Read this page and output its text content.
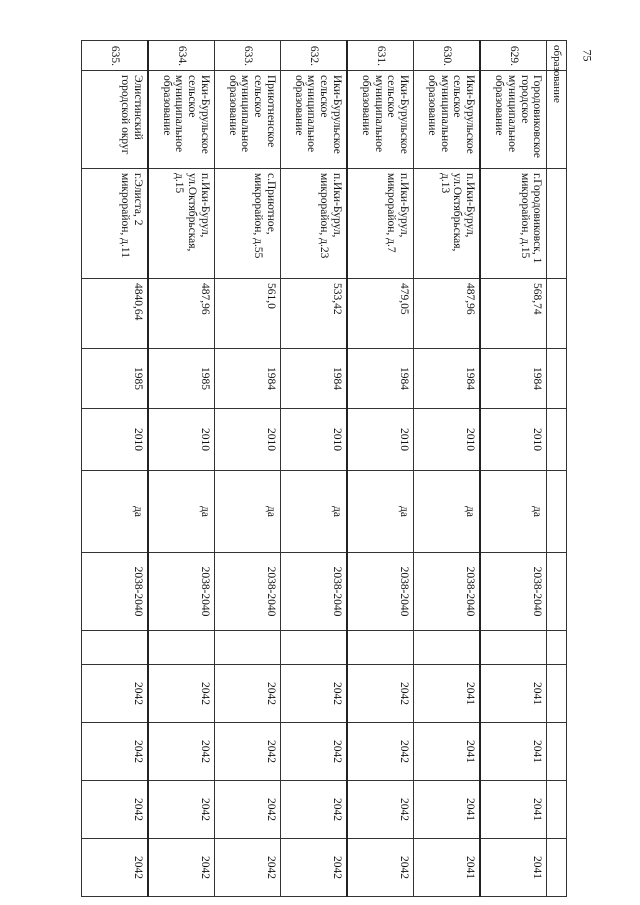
75
образование												
629.	Городовиковское городское муниципальное образование	г.Городовиковск, 1 микрорайон, д.15	568,74	1984	2010	да	2038-2040		2041	2041	2041	2041
630.	Ики-Бурульское сельское муниципальное образование	п.Ики-Бурул, ул.Октябрьская, д.13	487,96	1984	2010	да	2038-2040		2041	2041	2041	2041
631.	Ики-Бурульское сельское муниципальное образование	п.Ики-Бурул, микрорайон, д.7	479,05	1984	2010	да	2038-2040		2042	2042	2042	2042
632.	Ики-Бурульское сельское муниципальное образование	п.Ики-Бурул, микрорайон, д.23	533,42	1984	2010	да	2038-2040		2042	2042	2042	2042
633.	Приютненское сельское муниципальное образование	с.Приютное, микрорайон, д.55	561,0	1984	2010	да	2038-2040		2042	2042	2042	2042
634.	Ики-Бурульское сельское муниципальное образование	п.Ики-Бурул, ул.Октябрьская, д.15	487,96	1985	2010	да	2038-2040		2042	2042	2042	2042
635.	Элистинский городской округ	г.Элиста, 2 микрорайон, д.11	4840,64	1985	2010	да	2038-2040		2042	2042	2042	2042
